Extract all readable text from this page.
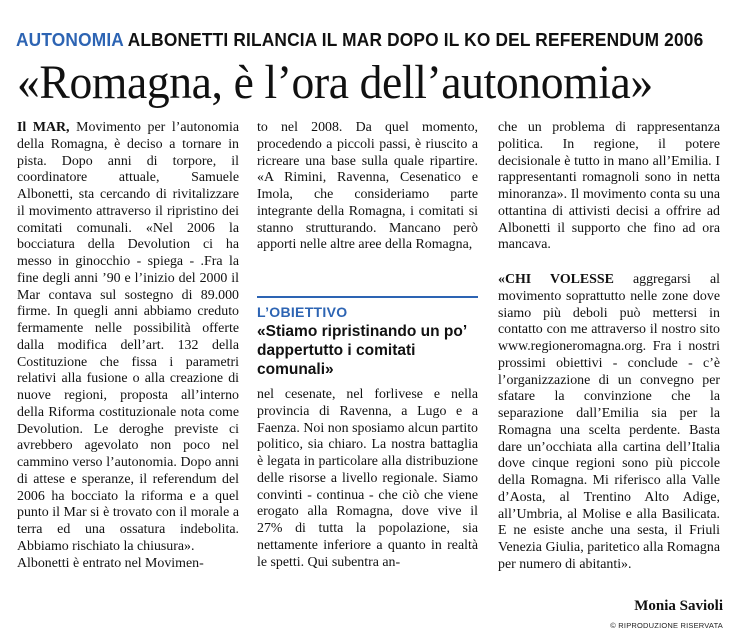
AUTONOMIA ALBONETTI RILANCIA IL MAR DOPO IL KO DEL REFERENDUM 2006
«Romagna, è l’ora dell’autonomia»

Il MAR, Movimento per l’autonomia della Romagna, è deciso a tornare in pista. Dopo anni di torpore, il coordinatore attuale, Samuele Albonetti, sta cercando di rivitalizzare il movimento attraverso il ripristino dei comitati comunali. «Nel 2006 la bocciatura della Devolution ci ha messo in ginocchio - spiega - .Fra la fine degli anni ’90 e l’inizio del 2000 il Mar contava sul sostegno di 89.000 firme. In quegli anni abbiamo creduto fermamente nelle possibilità offerte dalla modifica dell’art. 132 della Costituzione che fissa i parametri relativi alla fusione o alla creazione di nuove regioni, proposta all’interno della Riforma costituzionale nota come Devolution. Le deroghe previste ci avrebbero agevolato non poco nel cammino verso l’autonomia. Dopo anni di attese e speranze, il referendum del 2006 ha bocciato la riforma e a quel punto il Mar si è trovato con il morale a terra ed una ossatura indebolita. Abbiamo rischiato la chiusura».

Albonetti è entrato nel Movimen-

to nel 2008. Da quel momento, procedendo a piccoli passi, è riuscito a ricreare una base sulla quale ripartire. «A Rimini, Ravenna, Cesenatico e Imola, che consideriamo parte integrante della Romagna, i comitati si stanno strutturando. Mancano però apporti nelle altre aree della Romagna,

L’OBIETTIVO
«Stiamo ripristinando un po’ dappertutto i comitati comunali»

nel cesenate, nel forlivese e nella provincia di Ravenna, a Lugo e a Faenza. Noi non sposiamo alcun partito politico, sia chiaro. La nostra battaglia è legata in particolare alla distribuzione delle risorse a livello regionale. Siamo convinti - continua - che ciò che viene erogato alla Romagna, dove vive il 27% di tutta la popolazione, sia nettamente inferiore a quanto in realtà le spetti. Qui subentra an-

che un problema di rappresentanza politica. In regione, il potere decisionale è tutto in mano all’Emilia. I rappresentanti romagnoli sono in netta minoranza». Il movimento conta su una ottantina di attivisti decisi a offrire ad Albonetti il supporto che fino ad ora mancava.

«CHI VOLESSE aggregarsi al movimento soprattutto nelle zone dove siamo più deboli può mettersi in contatto con me attraverso il nostro sito www.regioneromagna.org. Fra i nostri prossimi obiettivi - conclude - c’è l’organizzazione di un convegno per sfatare la convinzione che la separazione dall’Emilia sia per la Romagna una scelta perdente. Basta dare un’occhiata alla cartina dell’Italia dove cinque regioni sono più piccole della Romagna. Mi riferisco alla Valle d’Aosta, al Trentino Alto Adige, all’Umbria, al Molise e alla Basilicata. E ne esiste anche una sesta, il Friuli Venezia Giulia, paritetico alla Romagna per numero di abitanti».

Monia Savioli
© RIPRODUZIONE RISERVATA
